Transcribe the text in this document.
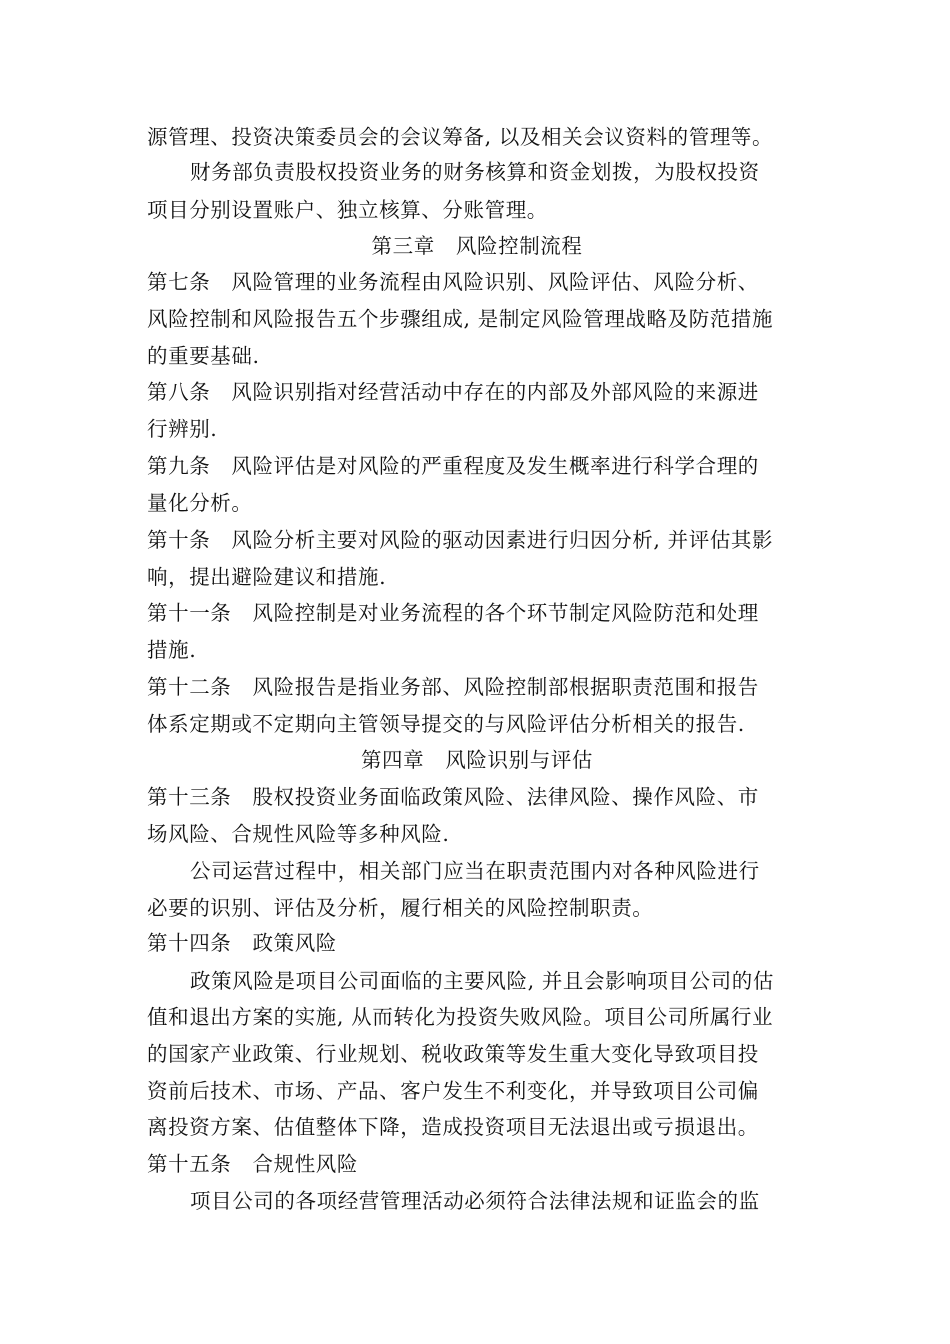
源管理、投资决策委员会的会议筹备, 以及相关会议资料的管理等。
财务部负责股权投资业务的财务核算和资金划拨，为股权投资
项目分别设置账户、独立核算、分账管理。
第三章　风险控制流程
第七条　风险管理的业务流程由风险识别、风险评估、风险分析、
风险控制和风险报告五个步骤组成, 是制定风险管理战略及防范措施
的重要基础.
第八条　风险识别指对经营活动中存在的内部及外部风险的来源进
行辨别.
第九条　风险评估是对风险的严重程度及发生概率进行科学合理的
量化分析。
第十条　风险分析主要对风险的驱动因素进行归因分析, 并评估其影
响，提出避险建议和措施.
第十一条　风险控制是对业务流程的各个环节制定风险防范和处理
措施.
第十二条　风险报告是指业务部、风险控制部根据职责范围和报告
体系定期或不定期向主管领导提交的与风险评估分析相关的报告.
第四章　风险识别与评估
第十三条　股权投资业务面临政策风险、法律风险、操作风险、市
场风险、合规性风险等多种风险.
公司运营过程中，相关部门应当在职责范围内对各种风险进行
必要的识别、评估及分析，履行相关的风险控制职责。
第十四条　政策风险
政策风险是项目公司面临的主要风险, 并且会影响项目公司的估
值和退出方案的实施, 从而转化为投资失败风险。项目公司所属行业
的国家产业政策、行业规划、税收政策等发生重大变化导致项目投
资前后技术、市场、产品、客户发生不利变化，并导致项目公司偏
离投资方案、估值整体下降，造成投资项目无法退出或亏损退出。
第十五条　合规性风险
项目公司的各项经营管理活动必须符合法律法规和证监会的监
